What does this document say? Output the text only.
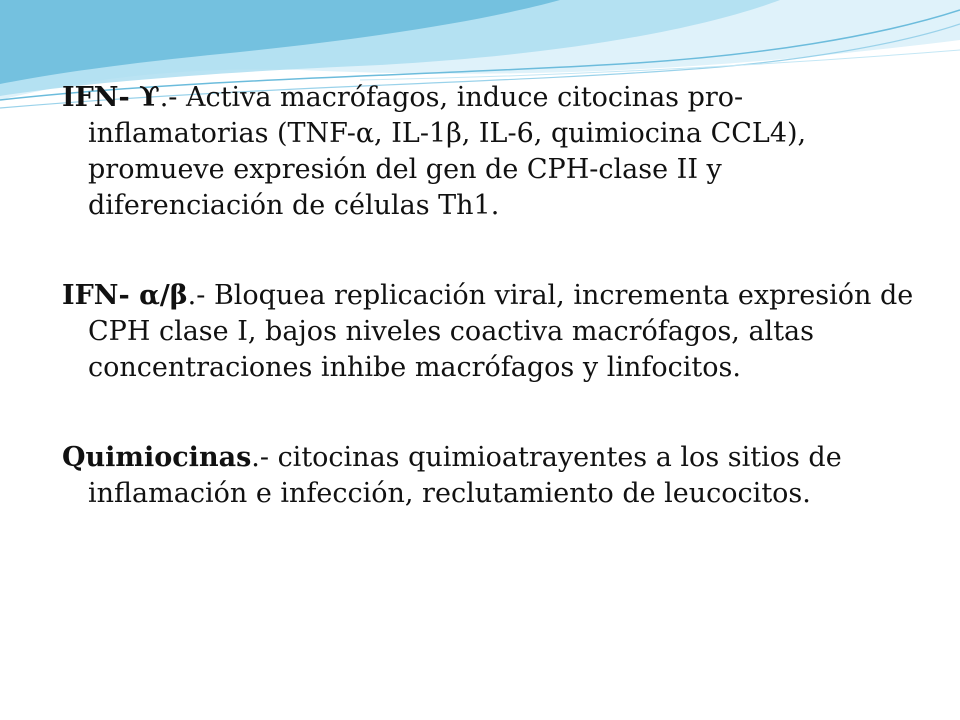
IFN- ϒ.- Activa macrófagos, induce citocinas pro-inflamatorias (TNF-α, IL-1β, IL-6, quimiocina CCL4), promueve expresión del gen de CPH-clase II y diferenciación de células Th1.

IFN- α/β.- Bloquea replicación viral, incrementa expresión de CPH clase I, bajos niveles coactiva macrófagos, altas concentraciones inhibe macrófagos y linfocitos.

Quimiocinas.- citocinas quimioatrayentes a los sitios de inflamación e infección, reclutamiento de leucocitos.
